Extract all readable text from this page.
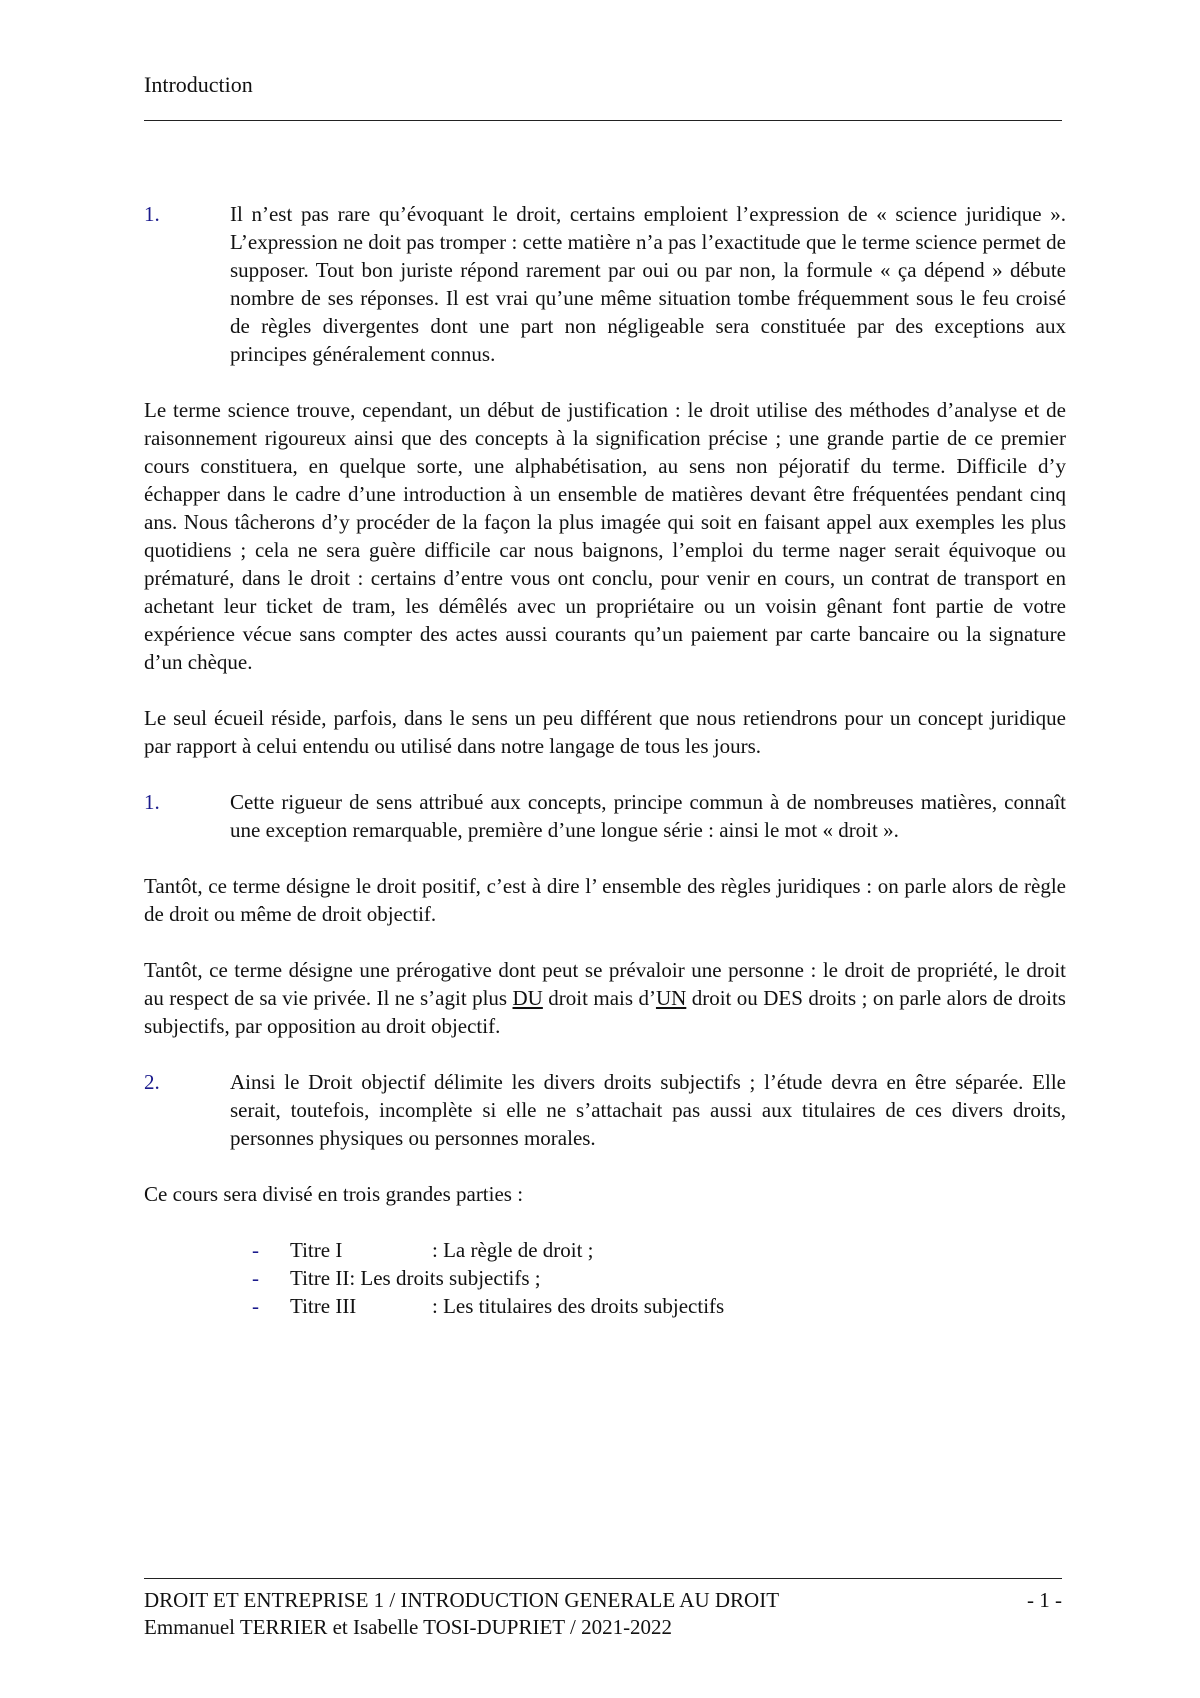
Introduction
1.	Il n’est pas rare qu’évoquant le droit, certains emploient l’expression de « science juridique ». L’expression ne doit pas tromper : cette matière n’a pas l’exactitude que le terme science permet de supposer. Tout bon juriste répond rarement par oui ou par non, la formule « ça dépend » débute nombre de ses réponses. Il est vrai qu’une même situation tombe fréquemment sous le feu croisé de règles divergentes dont une part non négligeable sera constituée par des exceptions aux principes généralement connus.

Le terme science trouve, cependant, un début de justification : le droit utilise des méthodes d’analyse et de raisonnement rigoureux ainsi que des concepts à la signification précise ; une grande partie de ce premier cours constituera, en quelque sorte, une alphabétisation, au sens non péjoratif du terme. Difficile d’y échapper dans le cadre d’une introduction à un ensemble de matières devant être fréquentées pendant cinq ans. Nous tâcherons d’y procéder de la façon la plus imagée qui soit en faisant appel aux exemples les plus quotidiens ; cela ne sera guère difficile car nous baignons, l’emploi du terme nager serait équivoque ou prématuré, dans le droit : certains d’entre vous ont conclu, pour venir en cours, un contrat de transport en achetant leur ticket de tram, les démêlés avec un propriétaire ou un voisin gênant font partie de votre expérience vécue sans compter des actes aussi courants qu’un paiement par carte bancaire ou la signature d’un chèque.

Le seul écueil réside, parfois, dans le sens un peu différent que nous retiendrons pour un concept juridique par rapport à celui entendu ou utilisé dans notre langage de tous les jours.

1.	Cette rigueur de sens attribué aux concepts, principe commun à de nombreuses matières, connaît une exception remarquable, première d’une longue série : ainsi le mot « droit ».

Tantôt, ce terme désigne le droit positif, c’est à dire l’ ensemble des règles juridiques : on parle alors de règle de droit ou même de droit objectif.

Tantôt, ce terme désigne une prérogative dont peut se prévaloir une personne : le droit de propriété, le droit au respect de sa vie privée. Il ne s’agit plus DU droit mais d’UN droit ou DES droits ; on parle alors de droits subjectifs, par opposition au droit objectif.

2.	Ainsi le Droit objectif délimite les divers droits subjectifs ; l’étude devra en être séparée. Elle serait, toutefois, incomplète si elle ne s’attachait pas aussi aux titulaires de ces divers droits, personnes physiques ou personnes morales.

Ce cours sera divisé en trois grandes parties :

-	Titre I	: La règle de droit ;
-	Titre II: Les droits subjectifs ;
-	Titre III	: Les titulaires des droits subjectifs
DROIT ET ENTREPRISE 1 / INTRODUCTION GENERALE AU DROIT	- 1 -
Emmanuel TERRIER et Isabelle TOSI-DUPRIET / 2021-2022
